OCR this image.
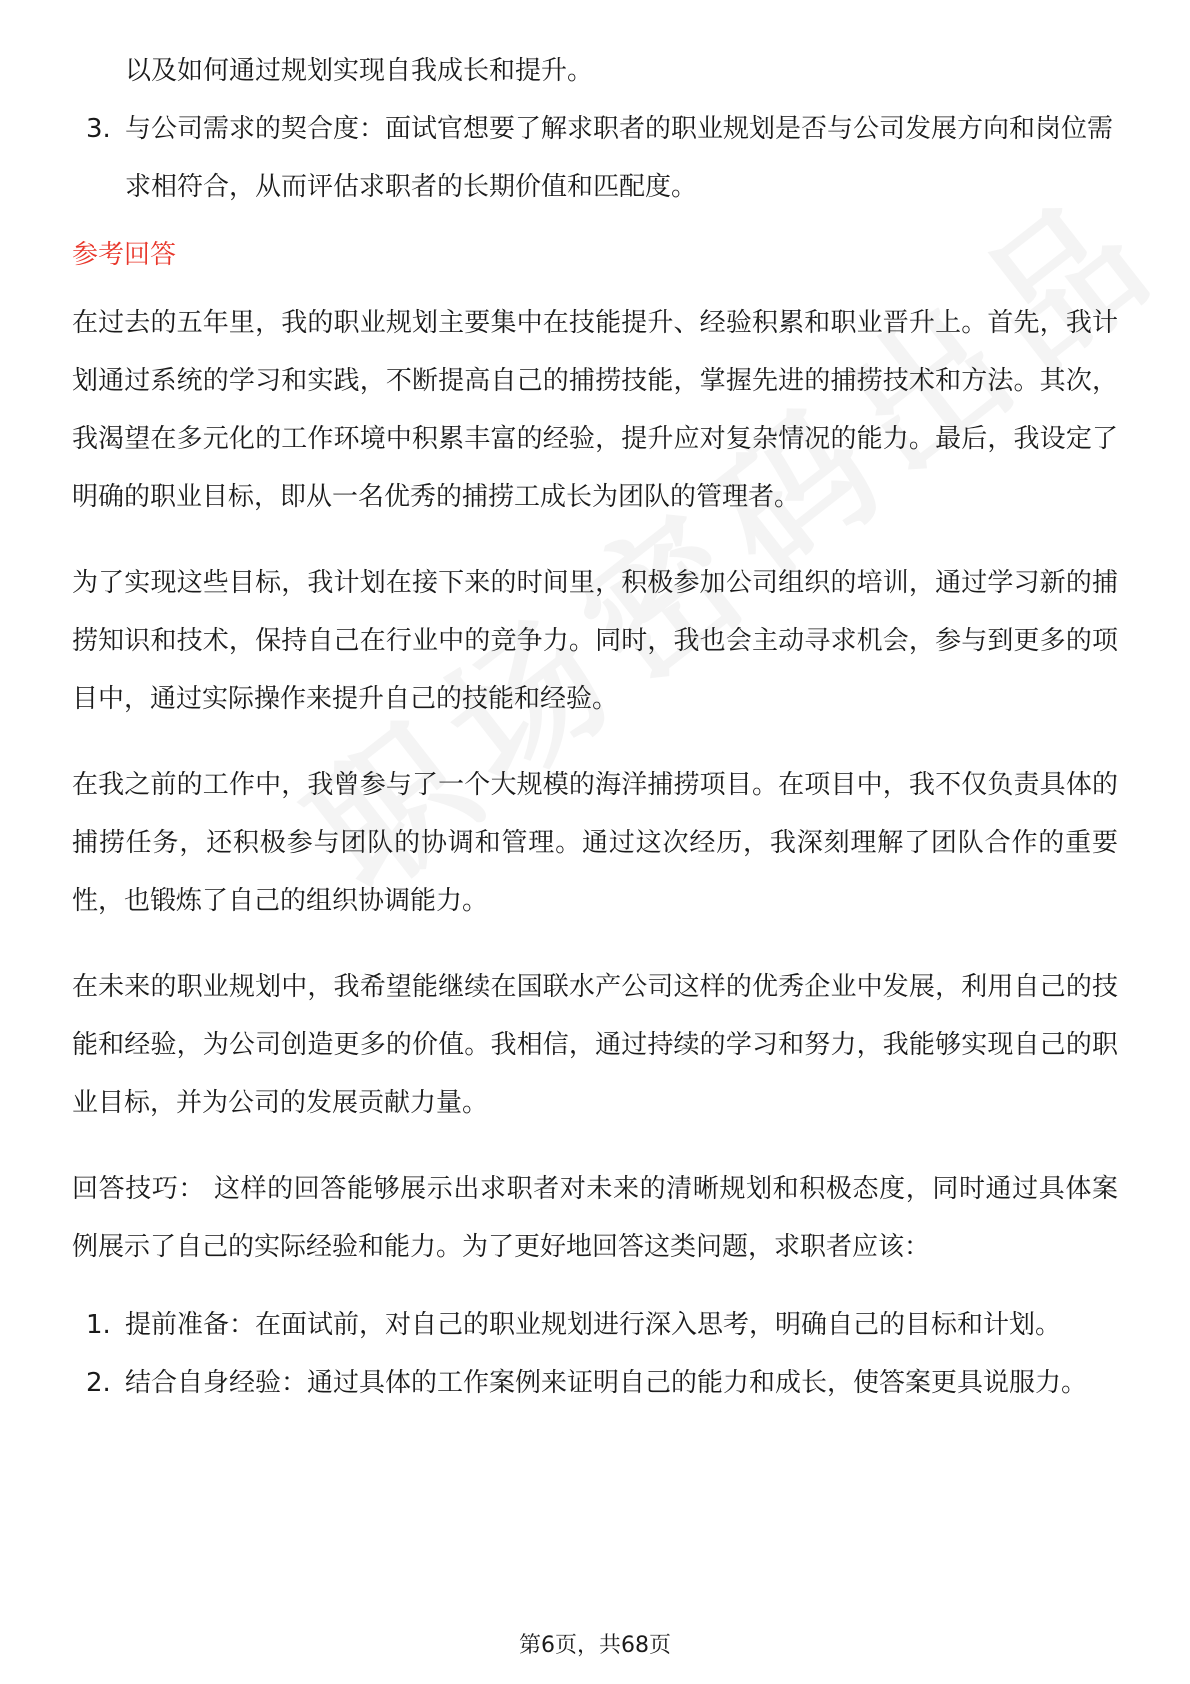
以及如何通过规划实现自我成长和提升。
3. 与公司需求的契合度：面试官想要了解求职者的职业规划是否与公司发展方向和岗位需求相符合，从而评估求职者的长期价值和匹配度。
参考回答

在过去的五年里，我的职业规划主要集中在技能提升、经验积累和职业晋升上。首先，我计划通过系统的学习和实践，不断提高自己的捕捞技能，掌握先进的捕捞技术和方法。其次，我渴望在多元化的工作环境中积累丰富的经验，提升应对复杂情况的能力。最后，我设定了明确的职业目标，即从一名优秀的捕捞工成长为团队的管理者。

为了实现这些目标，我计划在接下来的时间里，积极参加公司组织的培训，通过学习新的捕捞知识和技术，保持自己在行业中的竞争力。同时，我也会主动寻求机会，参与到更多的项目中，通过实际操作来提升自己的技能和经验。

在我之前的工作中，我曾参与了一个大规模的海洋捕捞项目。在项目中，我不仅负责具体的捕捞任务，还积极参与团队的协调和管理。通过这次经历，我深刻理解了团队合作的重要性，也锻炼了自己的组织协调能力。

在未来的职业规划中，我希望能继续在国联水产公司这样的优秀企业中发展，利用自己的技能和经验，为公司创造更多的价值。我相信，通过持续的学习和努力，我能够实现自己的职业目标，并为公司的发展贡献力量。

回答技巧： 这样的回答能够展示出求职者对未来的清晰规划和积极态度，同时通过具体案例展示了自己的实际经验和能力。为了更好地回答这类问题，求职者应该：

1. 提前准备：在面试前，对自己的职业规划进行深入思考，明确自己的目标和计划。
2. 结合自身经验：通过具体的工作案例来证明自己的能力和成长，使答案更具说服力。
第6页，共68页
